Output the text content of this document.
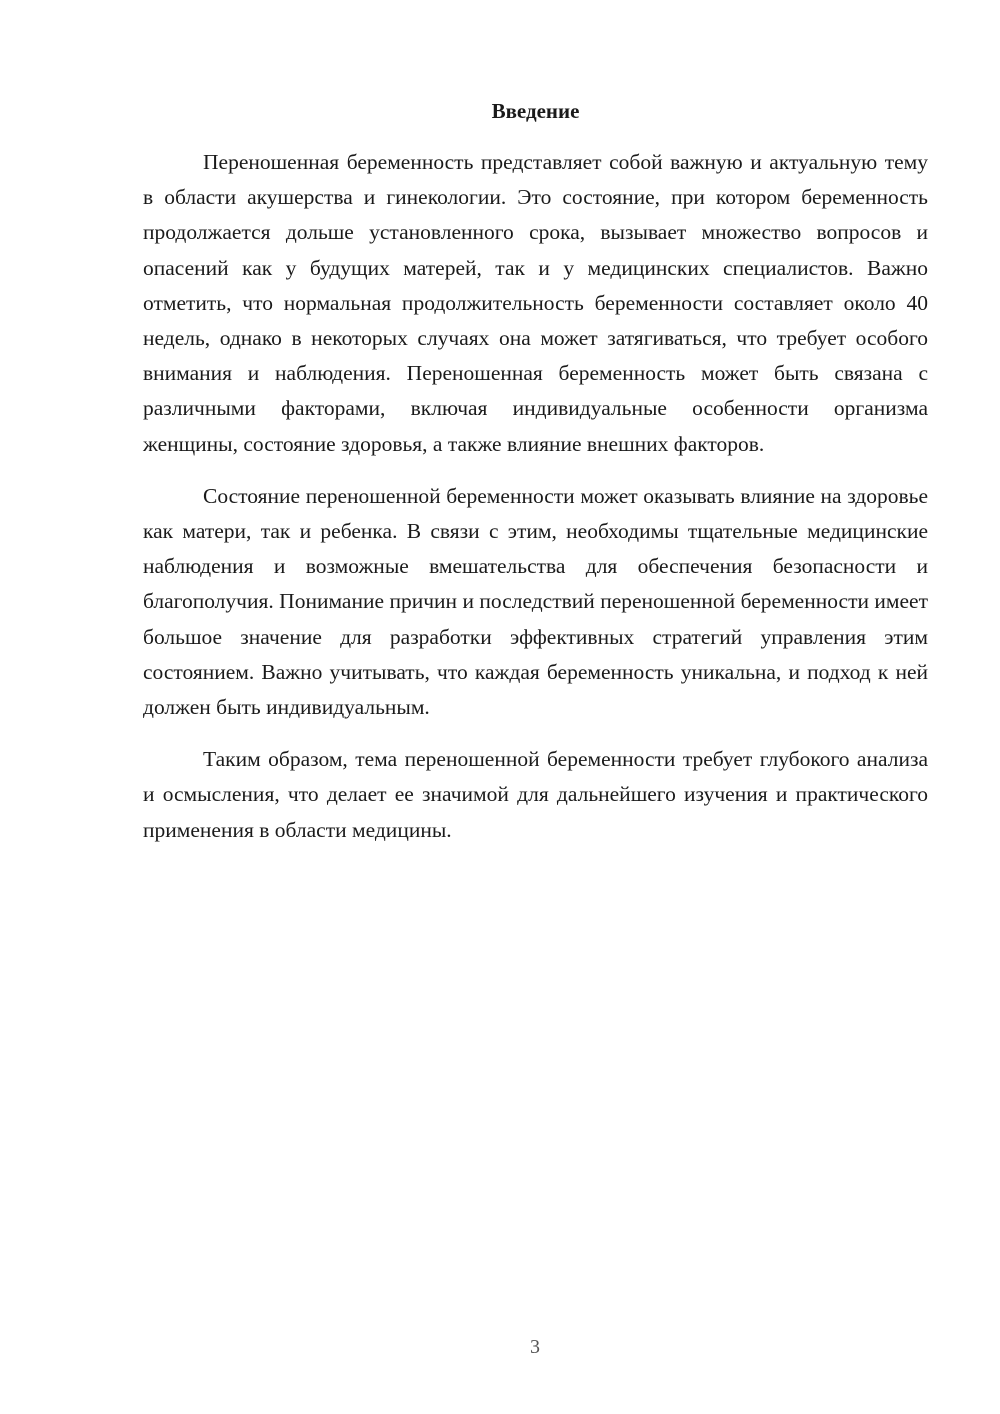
Введение

Переношенная беременность представляет собой важную и актуальную тему в области акушерства и гинекологии. Это состояние, при котором беременность продолжается дольше установленного срока, вызывает множество вопросов и опасений как у будущих матерей, так и у медицинских специалистов. Важно отметить, что нормальная продолжительность беременности составляет около 40 недель, однако в некоторых случаях она может затягиваться, что требует особого внимания и наблюдения. Переношенная беременность может быть связана с различными факторами, включая индивидуальные особенности организма женщины, состояние здоровья, а также влияние внешних факторов.

Состояние переношенной беременности может оказывать влияние на здоровье как матери, так и ребенка. В связи с этим, необходимы тщательные медицинские наблюдения и возможные вмешательства для обеспечения безопасности и благополучия. Понимание причин и последствий переношенной беременности имеет большое значение для разработки эффективных стратегий управления этим состоянием. Важно учитывать, что каждая беременность уникальна, и подход к ней должен быть индивидуальным.

Таким образом, тема переношенной беременности требует глубокого анализа и осмысления, что делает ее значимой для дальнейшего изучения и практического применения в области медицины.

3
